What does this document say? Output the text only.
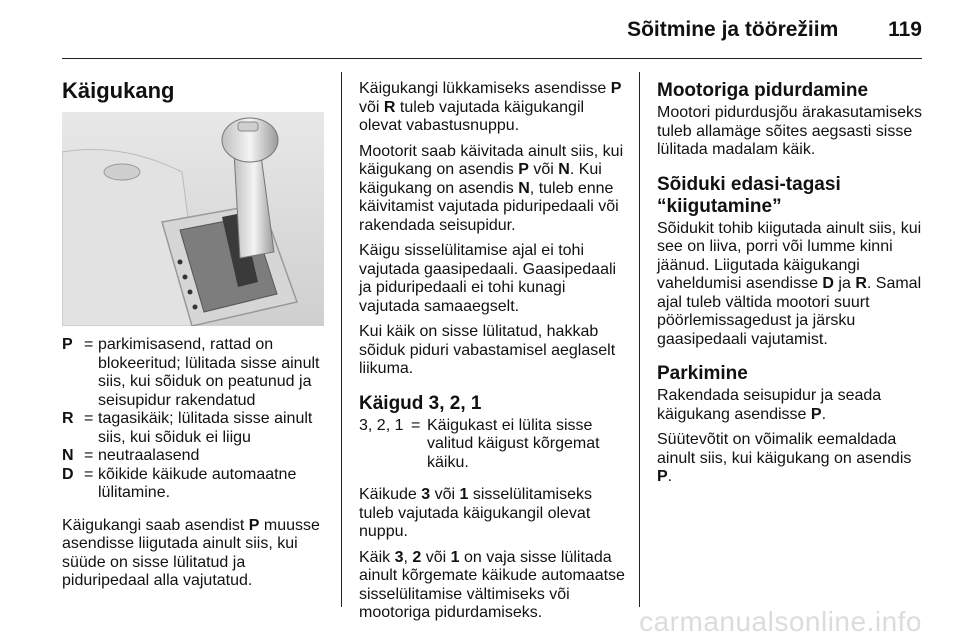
Sõitmine ja töörežiim 119
Käigukang
P = parkimisasend, rattad on blokeeritud; lülitada sisse ainult siis, kui sõiduk on peatunud ja seisupidur rakendatud
R = tagasikäik; lülitada sisse ainult siis, kui sõiduk ei liigu
N = neutraalasend
D = kõikide käikude automaatne lülitamine.

Käigukangi saab asendist P muusse asendisse liigutada ainult siis, kui süüde on sisse lülitatud ja piduripedaal alla vajutatud.

Käigukangi lükkamiseks asendisse P või R tuleb vajutada käigukangil olevat vabastusnuppu.

Mootorit saab käivitada ainult siis, kui käigukang on asendis P või N. Kui käigukang on asendis N, tuleb enne käivitamist vajutada piduripedaali või rakendada seisupidur.

Käigu sisselülitamise ajal ei tohi vajutada gaasipedaali. Gaasipedaali ja piduripedaali ei tohi kunagi vajutada samaaegselt.

Kui käik on sisse lülitatud, hakkab sõiduk piduri vabastamisel aeglaselt liikuma.

Käigud 3, 2, 1
3, 2, 1 = Käigukast ei lülita sisse valitud käigust kõrgemat käiku.

Käikude 3 või 1 sisselülitamiseks tuleb vajutada käigukangil olevat nuppu.

Käik 3, 2 või 1 on vaja sisse lülitada ainult kõrgemate käikude automaatse sisselülitamise vältimiseks või mootoriga pidurdamiseks.

Mootoriga pidurdamine

Mootori pidurdusjõu ärakasutamiseks tuleb allamäge sõites aegsasti sisse lülitada madalam käik.

Sõiduki edasi-tagasi “kiigutamine”

Sõidukit tohib kiigutada ainult siis, kui see on liiva, porri või lumme kinni jäänud. Liigutada käigukangi vaheldumisi asendisse D ja R. Samal ajal tuleb vältida mootori suurt pöörlemissagedust ja järsku gaasipedaali vajutamist.

Parkimine

Rakendada seisupidur ja seada käigukang asendisse P.

Süütevõtit on võimalik eemaldada ainult siis, kui käigukang on asendis P.

carmanualsonline.info
